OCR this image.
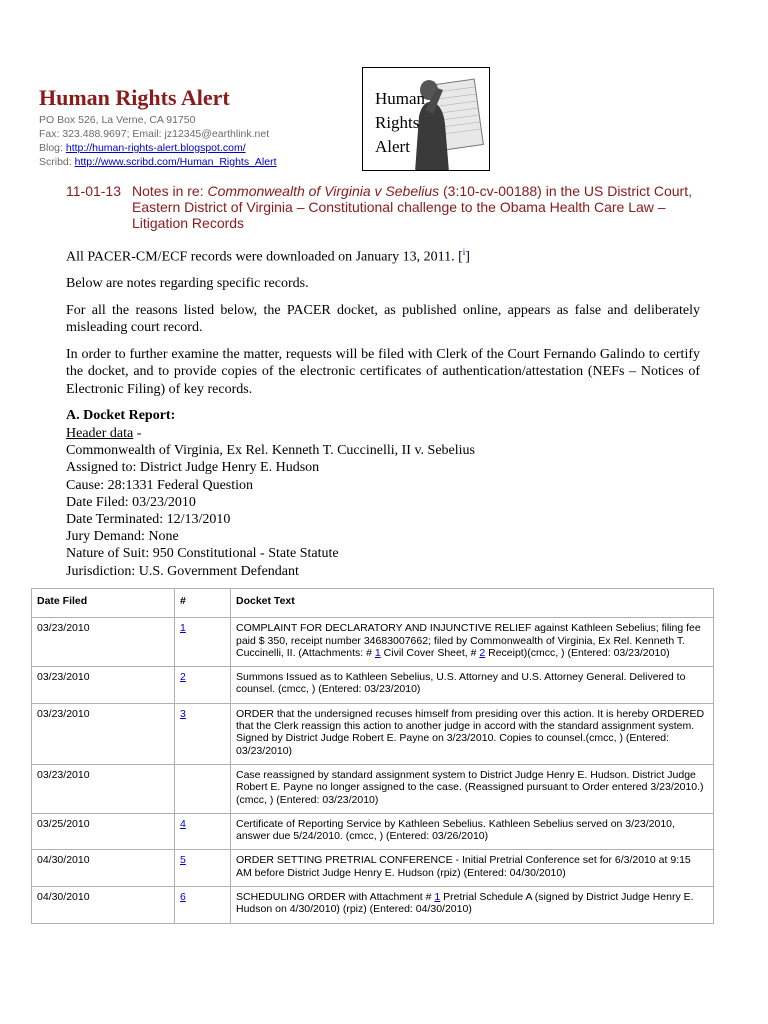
Human Rights Alert
PO Box 526, La Verne, CA 91750
Fax: 323.488.9697; Email: jz12345@earthlink.net
Blog: http://human-rights-alert.blogspot.com/
Scribd: http://www.scribd.com/Human_Rights_Alert
Human
Rights
Alert
11-01-13 Notes in re: Commonwealth of Virginia v Sebelius (3:10-cv-00188) in the US District Court, Eastern District of Virginia – Constitutional challenge to the Obama Health Care Law – Litigation Records

All PACER-CM/ECF records were downloaded on January 13, 2011. [$^i$]

Below are notes regarding specific records.

For all the reasons listed below, the PACER docket, as published online, appears as false and deliberately misleading court record.

In order to further examine the matter, requests will be filed with Clerk of the Court Fernando Galindo to certify the docket, and to provide copies of the electronic certificates of authentication/attestation (NEFs – Notices of Electronic Filing) of key records.

A. Docket Report:
Header data -
Commonwealth of Virginia, Ex Rel. Kenneth T. Cuccinelli, II v. Sebelius
Assigned to: District Judge Henry E. Hudson
Cause: 28:1331 Federal Question
Date Filed: 03/23/2010
Date Terminated: 12/13/2010
Jury Demand: None
Nature of Suit: 950 Constitutional - State Statute
Jurisdiction: U.S. Government Defendant
Date Filed	#	Docket Text
03/23/2010	1	COMPLAINT FOR DECLARATORY AND INJUNCTIVE RELIEF against Kathleen Sebelius; filing fee paid $ 350, receipt number 34683007662; filed by Commonwealth of Virginia, Ex Rel. Kenneth T. Cuccinelli, II. (Attachments: # 1 Civil Cover Sheet, # 2 Receipt)(cmcc, ) (Entered: 03/23/2010)
03/23/2010	2	Summons Issued as to Kathleen Sebelius, U.S. Attorney and U.S. Attorney General. Delivered to counsel. (cmcc, ) (Entered: 03/23/2010)
03/23/2010	3	ORDER that the undersigned recuses himself from presiding over this action. It is hereby ORDERED that the Clerk reassign this action to another judge in accord with the standard assignment system. Signed by District Judge Robert E. Payne on 3/23/2010. Copies to counsel.(cmcc, ) (Entered: 03/23/2010)
03/23/2010		Case reassigned by standard assignment system to District Judge Henry E. Hudson. District Judge Robert E. Payne no longer assigned to the case. (Reassigned pursuant to Order entered 3/23/2010.) (cmcc, ) (Entered: 03/23/2010)
03/25/2010	4	Certificate of Reporting Service by Kathleen Sebelius. Kathleen Sebelius served on 3/23/2010, answer due 5/24/2010. (cmcc, ) (Entered: 03/26/2010)
04/30/2010	5	ORDER SETTING PRETRIAL CONFERENCE - Initial Pretrial Conference set for 6/3/2010 at 9:15 AM before District Judge Henry E. Hudson (rpiz) (Entered: 04/30/2010)
04/30/2010	6	SCHEDULING ORDER with Attachment # 1 Pretrial Schedule A (signed by District Judge Henry E. Hudson on 4/30/2010) (rpiz) (Entered: 04/30/2010)
